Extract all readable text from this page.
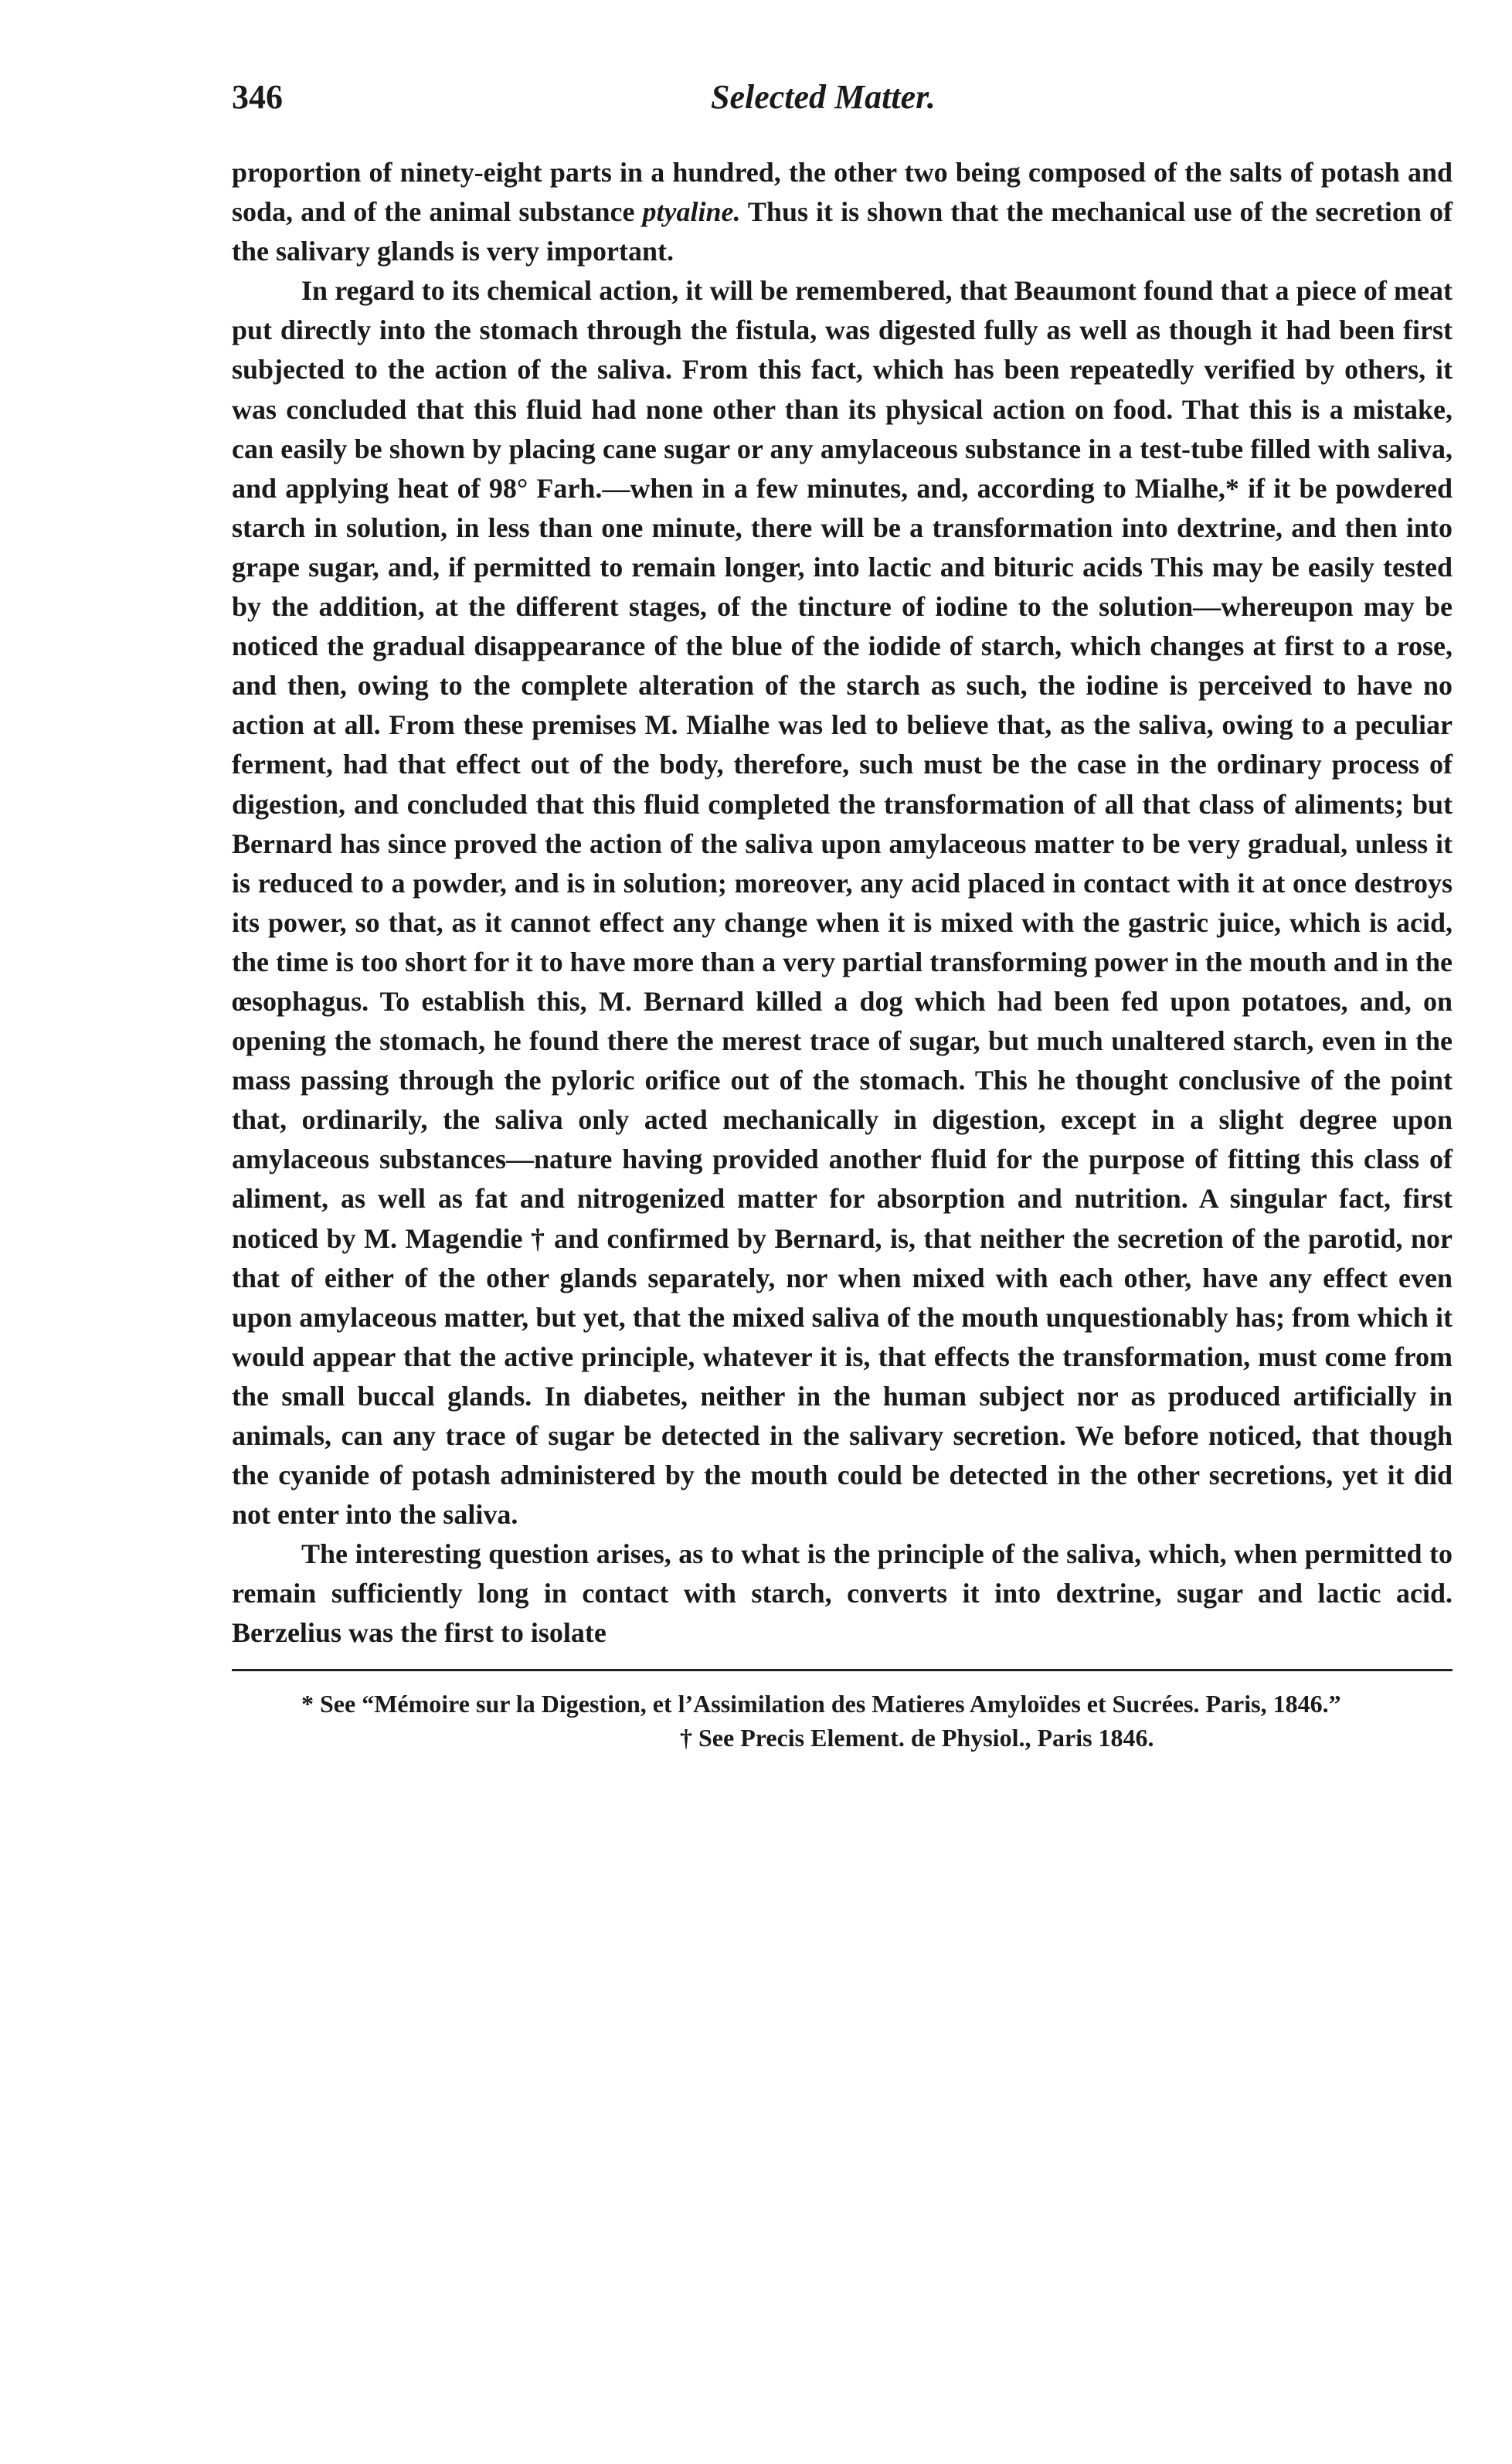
346	Selected Matter.

proportion of ninety-eight parts in a hundred, the other two being composed of the salts of potash and soda, and of the animal substance ptyaline. Thus it is shown that the mechanical use of the secretion of the salivary glands is very important.

In regard to its chemical action, it will be remembered, that Beaumont found that a piece of meat put directly into the stomach through the fistula, was digested fully as well as though it had been first subjected to the action of the saliva. From this fact, which has been repeatedly verified by others, it was concluded that this fluid had none other than its physical action on food. That this is a mistake, can easily be shown by placing cane sugar or any amylaceous substance in a test-tube filled with saliva, and applying heat of 98° Farh.—when in a few minutes, and, according to Mialhe,* if it be powdered starch in solution, in less than one minute, there will be a transformation into dextrine, and then into grape sugar, and, if permitted to remain longer, into lactic and bituric acids This may be easily tested by the addition, at the different stages, of the tincture of iodine to the solution—whereupon may be noticed the gradual disappearance of the blue of the iodide of starch, which changes at first to a rose, and then, owing to the complete alteration of the starch as such, the iodine is perceived to have no action at all. From these premises M. Mialhe was led to believe that, as the saliva, owing to a peculiar ferment, had that effect out of the body, therefore, such must be the case in the ordinary process of digestion, and concluded that this fluid completed the transformation of all that class of aliments; but Bernard has since proved the action of the saliva upon amylaceous matter to be very gradual, unless it is reduced to a powder, and is in solution; moreover, any acid placed in contact with it at once destroys its power, so that, as it cannot effect any change when it is mixed with the gastric juice, which is acid, the time is too short for it to have more than a very partial transforming power in the mouth and in the œsophagus. To establish this, M. Bernard killed a dog which had been fed upon potatoes, and, on opening the stomach, he found there the merest trace of sugar, but much unaltered starch, even in the mass passing through the pyloric orifice out of the stomach. This he thought conclusive of the point that, ordinarily, the saliva only acted mechanically in digestion, except in a slight degree upon amylaceous substances—nature having provided another fluid for the purpose of fitting this class of aliment, as well as fat and nitrogenized matter for absorption and nutrition. A singular fact, first noticed by M. Magendie † and confirmed by Bernard, is, that neither the secretion of the parotid, nor that of either of the other glands separately, nor when mixed with each other, have any effect even upon amylaceous matter, but yet, that the mixed saliva of the mouth unquestionably has; from which it would appear that the active principle, whatever it is, that effects the transformation, must come from the small buccal glands. In diabetes, neither in the human subject nor as produced artificially in animals, can any trace of sugar be detected in the salivary secretion. We before noticed, that though the cyanide of potash administered by the mouth could be detected in the other secretions, yet it did not enter into the saliva.

The interesting question arises, as to what is the principle of the saliva, which, when permitted to remain sufficiently long in contact with starch, converts it into dextrine, sugar and lactic acid. Berzelius was the first to isolate

* See “Mémoire sur la Digestion, et l’Assimilation des Matieres Amyloïdes et Sucrées. Paris, 1846.”
† See Precis Element. de Physiol., Paris 1846.
